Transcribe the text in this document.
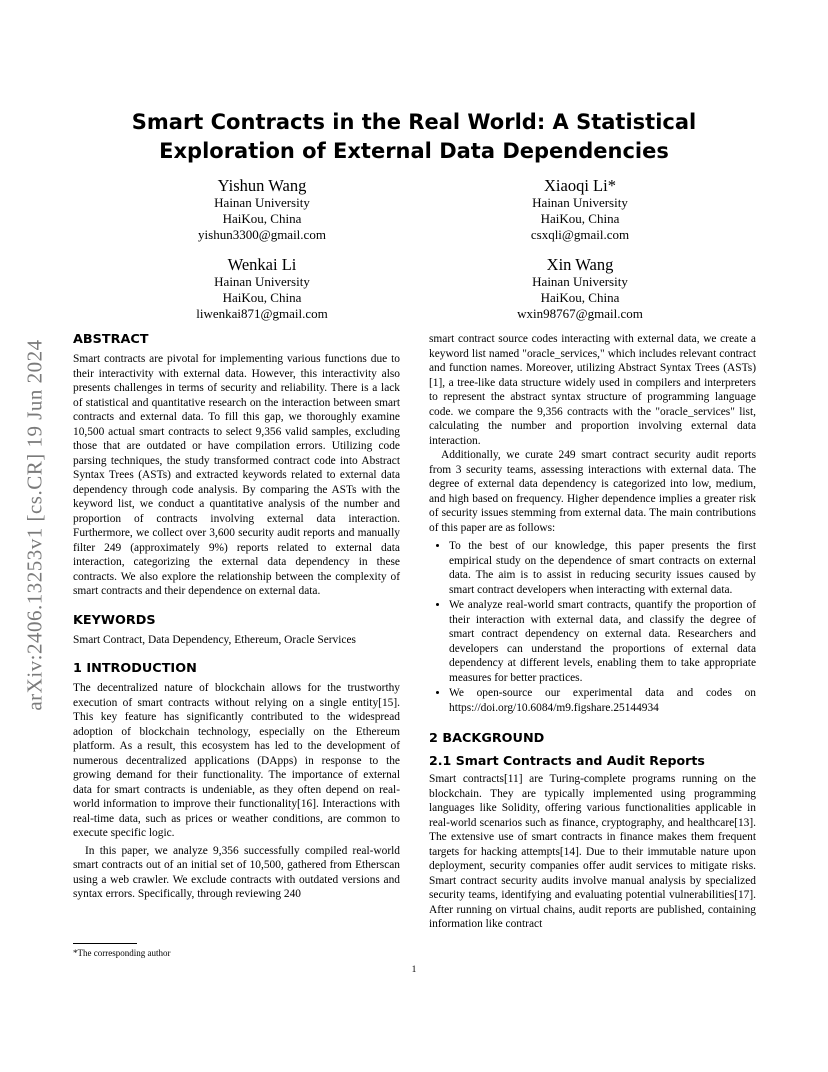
arXiv:2406.13253v1 [cs.CR] 19 Jun 2024
Smart Contracts in the Real World: A Statistical Exploration of External Data Dependencies
Yishun Wang
Hainan University
HaiKou, China
yishun3300@gmail.com
Xiaoqi Li*
Hainan University
HaiKou, China
csxqli@gmail.com
Wenkai Li
Hainan University
HaiKou, China
liwenkai871@gmail.com
Xin Wang
Hainan University
HaiKou, China
wxin98767@gmail.com
ABSTRACT

Smart contracts are pivotal for implementing various functions due to their interactivity with external data. However, this interactivity also presents challenges in terms of security and reliability. There is a lack of statistical and quantitative research on the interaction between smart contracts and external data. To fill this gap, we thoroughly examine 10,500 actual smart contracts to select 9,356 valid samples, excluding those that are outdated or have compilation errors. Utilizing code parsing techniques, the study transformed contract code into Abstract Syntax Trees (ASTs) and extracted keywords related to external data dependency through code analysis. By comparing the ASTs with the keyword list, we conduct a quantitative analysis of the number and proportion of contracts involving external data interaction. Furthermore, we collect over 3,600 security audit reports and manually filter 249 (approximately 9%) reports related to external data interaction, categorizing the external data dependency in these contracts. We also explore the relationship between the complexity of smart contracts and their dependence on external data.

KEYWORDS

Smart Contract, Data Dependency, Ethereum, Oracle Services

1 INTRODUCTION

The decentralized nature of blockchain allows for the trustworthy execution of smart contracts without relying on a single entity[15]. This key feature has significantly contributed to the widespread adoption of blockchain technology, especially on the Ethereum platform. As a result, this ecosystem has led to the development of numerous decentralized applications (DApps) in response to the growing demand for their functionality. The importance of external data for smart contracts is undeniable, as they often depend on real-world information to improve their functionality[16]. Interactions with real-time data, such as prices or weather conditions, are common to execute specific logic.

In this paper, we analyze 9,356 successfully compiled real-world smart contracts out of an initial set of 10,500, gathered from Etherscan using a web crawler. We exclude contracts with outdated versions and syntax errors. Specifically, through reviewing 240

smart contract source codes interacting with external data, we create a keyword list named "oracle_services," which includes relevant contract and function names. Moreover, utilizing Abstract Syntax Trees (ASTs) [1], a tree-like data structure widely used in compilers and interpreters to represent the abstract syntax structure of programming language code. we compare the 9,356 contracts with the "oracle_services" list, calculating the number and proportion involving external data interaction.

Additionally, we curate 249 smart contract security audit reports from 3 security teams, assessing interactions with external data. The degree of external data dependency is categorized into low, medium, and high based on frequency. Higher dependence implies a greater risk of security issues stemming from external data. The main contributions of this paper are as follows:

• To the best of our knowledge, this paper presents the first empirical study on the dependence of smart contracts on external data. The aim is to assist in reducing security issues caused by smart contract developers when interacting with external data.
• We analyze real-world smart contracts, quantify the proportion of their interaction with external data, and classify the degree of smart contract dependency on external data. Researchers and developers can understand the proportions of external data dependency at different levels, enabling them to take appropriate measures for better practices.
• We open-source our experimental data and codes on https://doi.org/10.6084/m9.figshare.25144934
2 BACKGROUND
2.1 Smart Contracts and Audit Reports

Smart contracts[11] are Turing-complete programs running on the blockchain. They are typically implemented using programming languages like Solidity, offering various functionalities applicable in real-world scenarios such as finance, cryptography, and healthcare[13]. The extensive use of smart contracts in finance makes them frequent targets for hacking attempts[14]. Due to their immutable nature upon deployment, security companies offer audit services to mitigate risks. Smart contract security audits involve manual analysis by specialized security teams, identifying and evaluating potential vulnerabilities[17]. After running on virtual chains, audit reports are published, containing information like contract

*The corresponding author
1
